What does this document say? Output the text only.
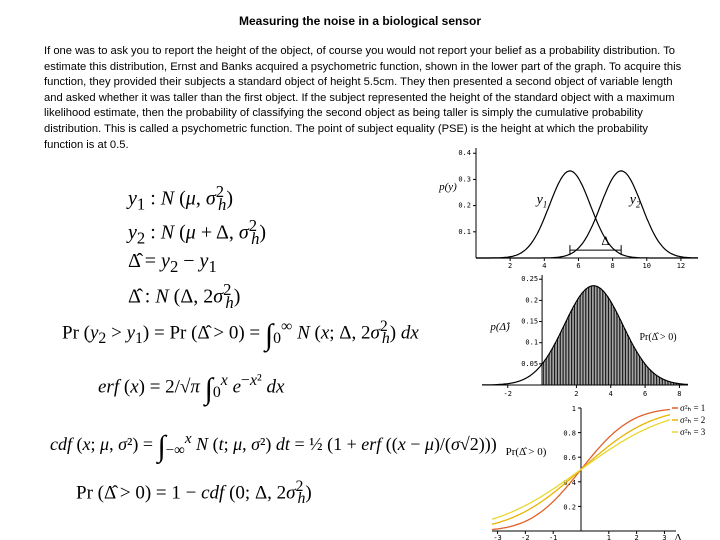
Measuring the noise in a biological sensor

If one was to ask you to report the height of the object, of course you would not report your belief as a probability distribution. To estimate this distribution, Ernst and Banks acquired a psychometric function, shown in the lower part of the graph. To acquire this function, they provided their subjects a standard object of height 5.5cm. They then presented a second object of variable length and asked whether it was taller than the first object. If the subject represented the height of the standard object with a maximum likelihood estimate, then the probability of classifying the second object as being taller is simply the cumulative probability distribution. This is called a psychometric function. The point of subject equality (PSE) is the height at which the probability function is at 0.5.

$y_1$ : N (μ, $\sigma^2_h$)
$y_2$ : N (μ + Δ, $\sigma^2_h$)
Δ̂ = $y_2 - y_1$
Δ̂ : N (Δ, $2\sigma^2_h$)
Pr $(y_2 > y_1) = Pr$ (Δ̂ > $0) = \int_0^\infty$ N (x; Δ, $2\sigma^2_h$) dx
erf (x) = 2/√π $\int_0^x$ $e^{-x^2}$ dx
cdf (x; μ, $\sigma^2) = \int_{-\infty}^x$ N (t; μ, σ²) dt = ½ (1 + erf ((x − μ)/(σ√2)))
Pr (Δ̂ > 0) = 1 − cdf (0; Δ, $2\sigma^2_h$)
2	4	6	8	10	12
0.1
0.2
0.3
0.4
p(y)
$y_1$	$y_2$
Δ
-2	2	4	6	8
0.05
0.1
0.15
0.2
0.25
p(Δ̂)
Pr(Δ̂ > 0)
-3	-2	-1	1	2	3
0.2
0.4
0.6
0.8
1	σ²ₕ = 1
σ²ₕ = 2
σ²ₕ = 3
Pr(Δ̂ > 0)
Δ
